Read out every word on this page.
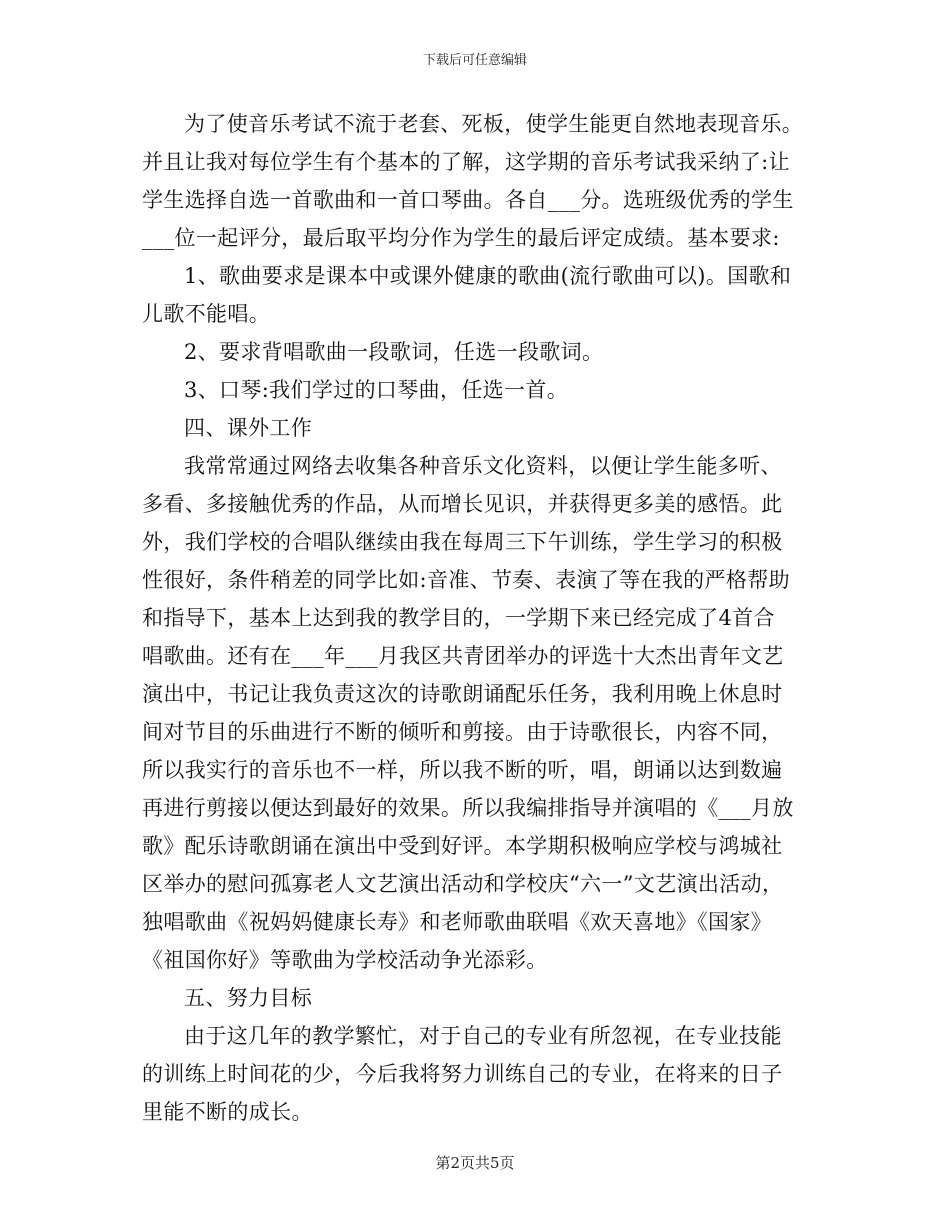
下载后可任意编辑
为了使音乐考试不流于老套、死板，使学生能更自然地表现音乐。
并且让我对每位学生有个基本的了解，这学期的音乐考试我采纳了:让
学生选择自选一首歌曲和一首口琴曲。各自___分。选班级优秀的学生
___位一起评分，最后取平均分作为学生的最后评定成绩。基本要求:
1、歌曲要求是课本中或课外健康的歌曲(流行歌曲可以)。国歌和
儿歌不能唱。
2、要求背唱歌曲一段歌词，任选一段歌词。
3、口琴:我们学过的口琴曲，任选一首。
四、课外工作
我常常通过网络去收集各种音乐文化资料，以便让学生能多听、
多看、多接触优秀的作品，从而增长见识，并获得更多美的感悟。此
外，我们学校的合唱队继续由我在每周三下午训练，学生学习的积极
性很好，条件稍差的同学比如:音准、节奏、表演了等在我的严格帮助
和指导下，基本上达到我的教学目的，一学期下来已经完成了4首合
唱歌曲。还有在___年___月我区共青团举办的评选十大杰出青年文艺
演出中，书记让我负责这次的诗歌朗诵配乐任务，我利用晚上休息时
间对节目的乐曲进行不断的倾听和剪接。由于诗歌很长，内容不同，
所以我实行的音乐也不一样，所以我不断的听，唱，朗诵以达到数遍
再进行剪接以便达到最好的效果。所以我编排指导并演唱的《___月放
歌》配乐诗歌朗诵在演出中受到好评。本学期积极响应学校与鸿城社
区举办的慰问孤寡老人文艺演出活动和学校庆“六一”文艺演出活动，
独唱歌曲《祝妈妈健康长寿》和老师歌曲联唱《欢天喜地》《国家》
《祖国你好》等歌曲为学校活动争光添彩。
五、努力目标
由于这几年的教学繁忙，对于自己的专业有所忽视，在专业技能
的训练上时间花的少，今后我将努力训练自己的专业，在将来的日子
里能不断的成长。
第2页共5页
